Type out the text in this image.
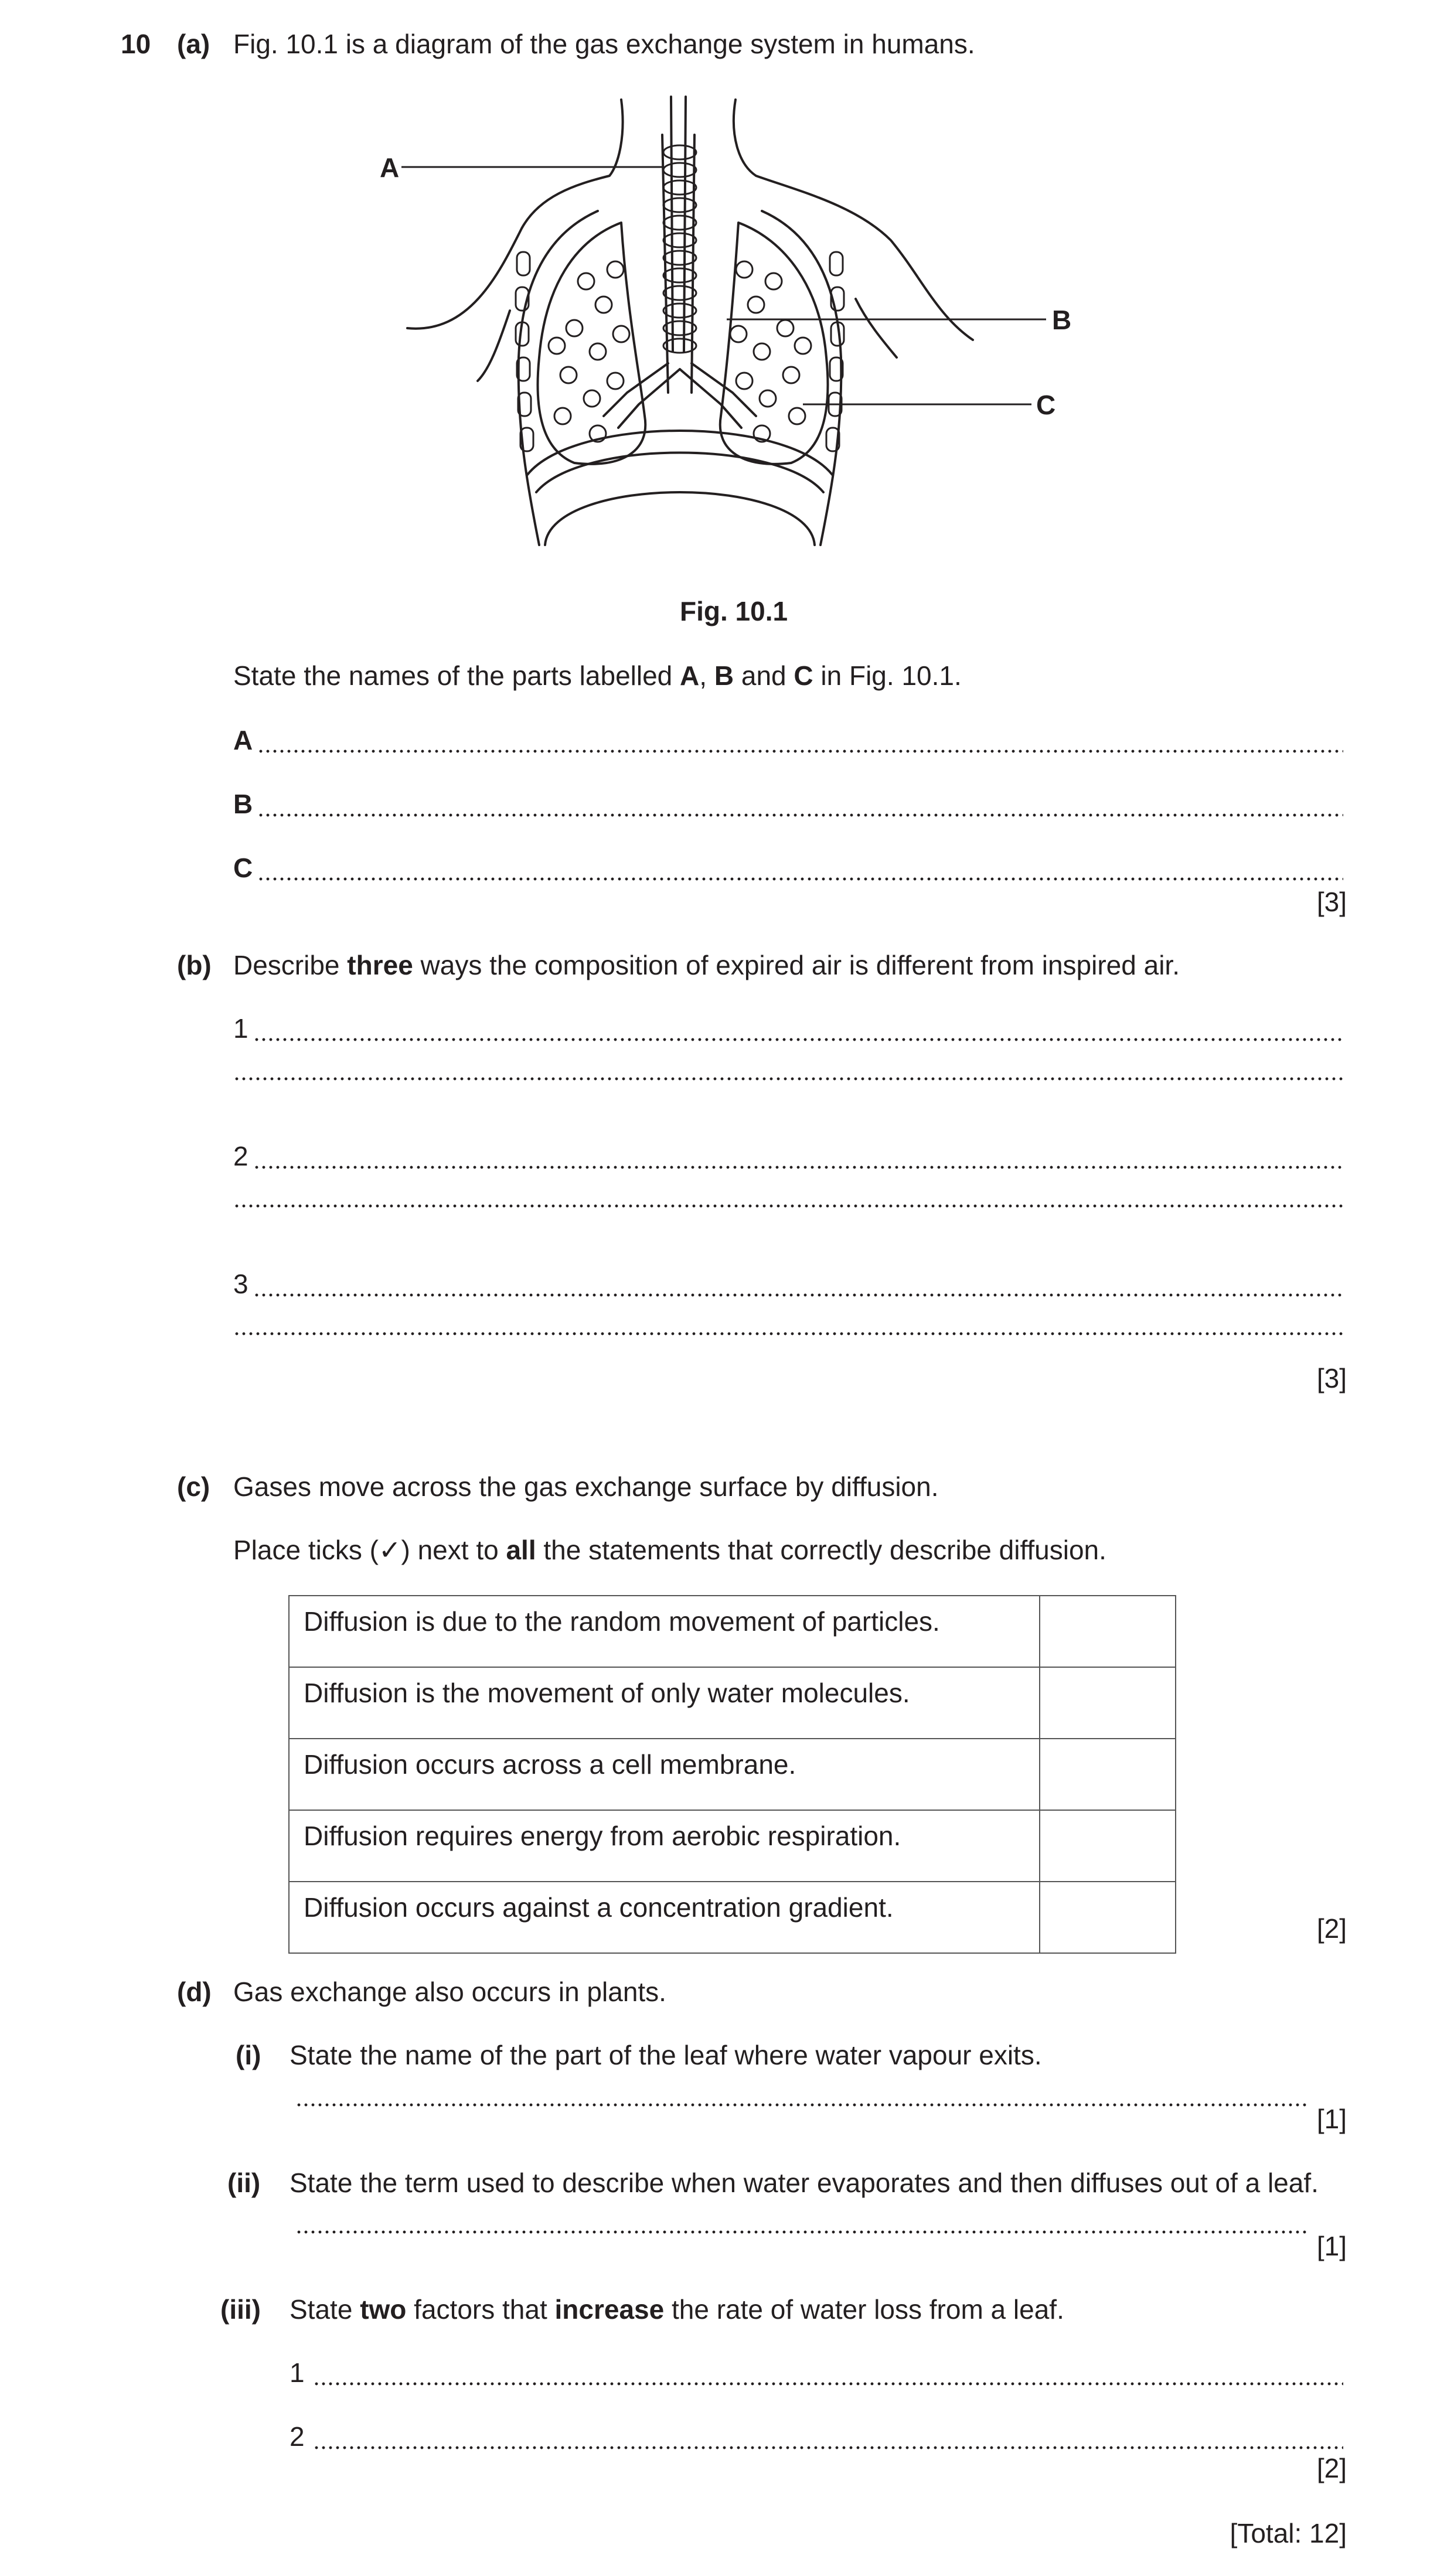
10 (a) Fig. 10.1 is a diagram of the gas exchange system in humans.
A
B
C
Fig. 10.1
State the names of the parts labelled A, B and C in Fig. 10.1.
A
B
C
[3]
(b) Describe three ways the composition of expired air is different from inspired air.
1
2
3
[3]
(c) Gases move across the gas exchange surface by diffusion.
Place ticks (✓) next to all the statements that correctly describe diffusion.
Diffusion is due to the random movement of particles.	
Diffusion is the movement of only water molecules.	
Diffusion occurs across a cell membrane.	
Diffusion requires energy from aerobic respiration.	
Diffusion occurs against a concentration gradient.	
[2]
(d) Gas exchange also occurs in plants.
(i) State the name of the part of the leaf where water vapour exits.
[1]
(ii) State the term used to describe when water evaporates and then diffuses out of a leaf.
[1]
(iii) State two factors that increase the rate of water loss from a leaf.
1
2
[2]
[Total: 12]
